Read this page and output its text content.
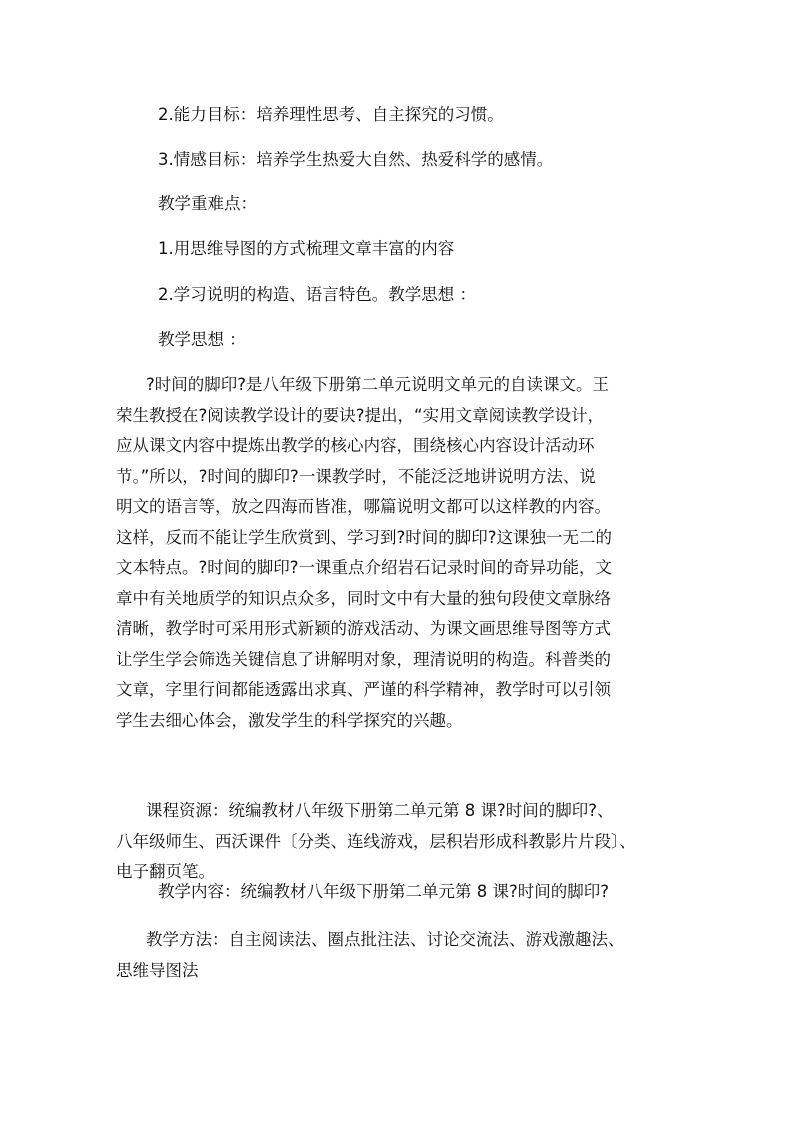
2.能力目标：培养理性思考、自主探究的习惯。
3.情感目标：培养学生热爱大自然、热爱科学的感情。
教学重难点：
1.用思维导图的方式梳理文章丰富的内容
2.学习说明的构造、语言特色。教学思想 ：
教学思想 ：
?时间的脚印?是八年级下册第二单元说明文单元的自读课文。王
荣生教授在?阅读教学设计的要诀?提出，“实用文章阅读教学设计，
应从课文内容中提炼出教学的核心内容，围绕核心内容设计活动环
节。”所以，?时间的脚印?一课教学时，不能泛泛地讲说明方法、说
明文的语言等，放之四海而皆准，哪篇说明文都可以这样教的内容。
这样，反而不能让学生欣赏到、学习到?时间的脚印?这课独一无二的
文本特点。?时间的脚印?一课重点介绍岩石记录时间的奇异功能，文
章中有关地质学的知识点众多，同时文中有大量的独句段使文章脉络
清晰，教学时可采用形式新颖的游戏活动、为课文画思维导图等方式
让学生学会筛选关键信息了讲解明对象，理清说明的构造。科普类的
文章，字里行间都能透露出求真、严谨的科学精神，教学时可以引领
学生去细心体会，激发学生的科学探究的兴趣。
课程资源：统编教材八年级下册第二单元第 8 课?时间的脚印?、
八年级师生、西沃课件〔分类、连线游戏，层积岩形成科教影片片段〕、
电子翻页笔。
教学内容：统编教材八年级下册第二单元第 8 课?时间的脚印?
教学方法：自主阅读法、圈点批注法、讨论交流法、游戏激趣法、
思维导图法
